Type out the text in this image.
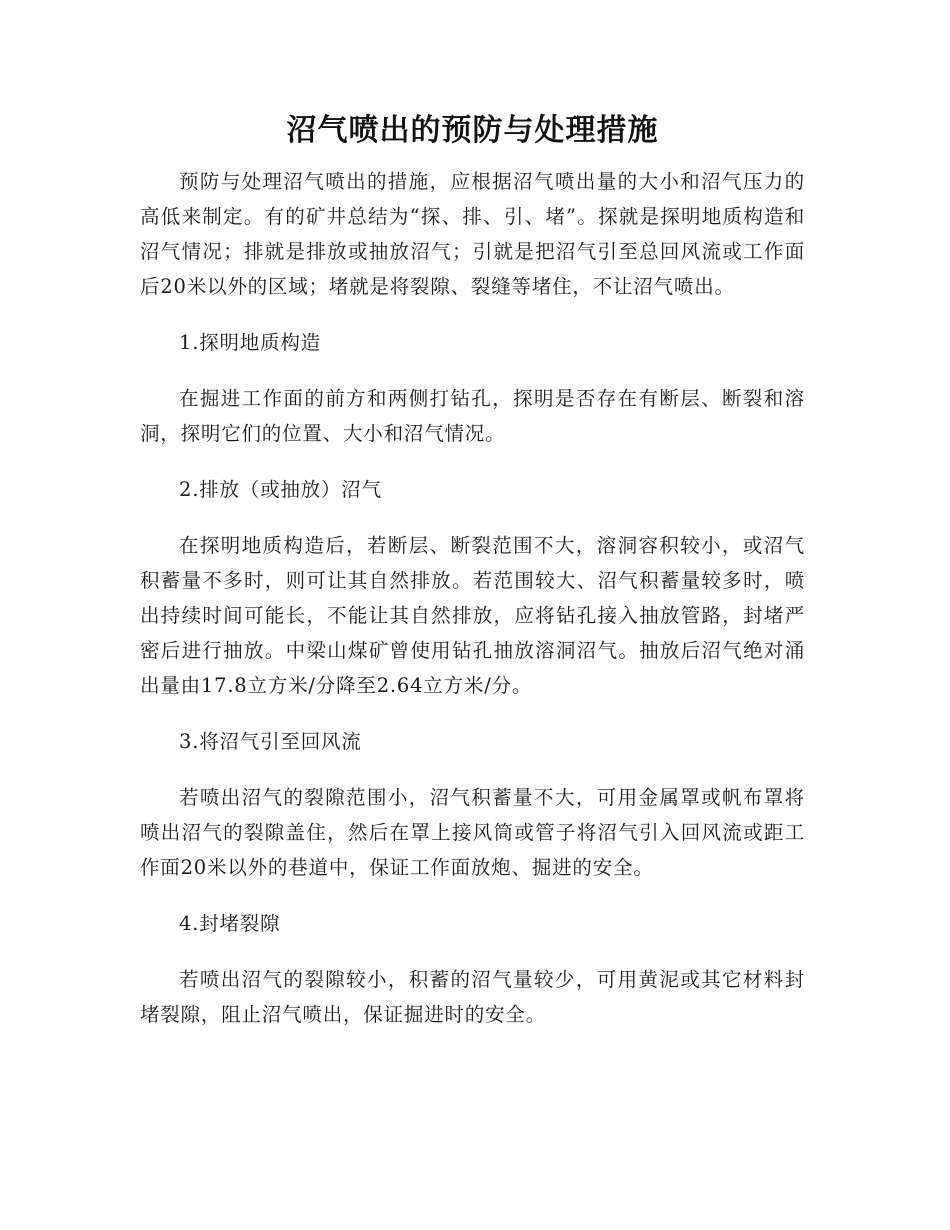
沼气喷出的预防与处理措施

预防与处理沼气喷出的措施，应根据沼气喷出量的大小和沼气压力的高低来制定。有的矿井总结为“探、排、引、堵”。探就是探明地质构造和沼气情况；排就是排放或抽放沼气；引就是把沼气引至总回风流或工作面后20米以外的区域；堵就是将裂隙、裂缝等堵住，不让沼气喷出。

1.探明地质构造

在掘进工作面的前方和两侧打钻孔，探明是否存在有断层、断裂和溶洞，探明它们的位置、大小和沼气情况。

2.排放（或抽放）沼气

在探明地质构造后，若断层、断裂范围不大，溶洞容积较小，或沼气积蓄量不多时，则可让其自然排放。若范围较大、沼气积蓄量较多时，喷出持续时间可能长，不能让其自然排放，应将钻孔接入抽放管路，封堵严密后进行抽放。中梁山煤矿曾使用钻孔抽放溶洞沼气。抽放后沼气绝对涌出量由17.8立方米/分降至2.64立方米/分。

3.将沼气引至回风流

若喷出沼气的裂隙范围小，沼气积蓄量不大，可用金属罩或帆布罩将喷出沼气的裂隙盖住，然后在罩上接风筒或管子将沼气引入回风流或距工作面20米以外的巷道中，保证工作面放炮、掘进的安全。

4.封堵裂隙

若喷出沼气的裂隙较小，积蓄的沼气量较少，可用黄泥或其它材料封堵裂隙，阻止沼气喷出，保证掘进时的安全。
